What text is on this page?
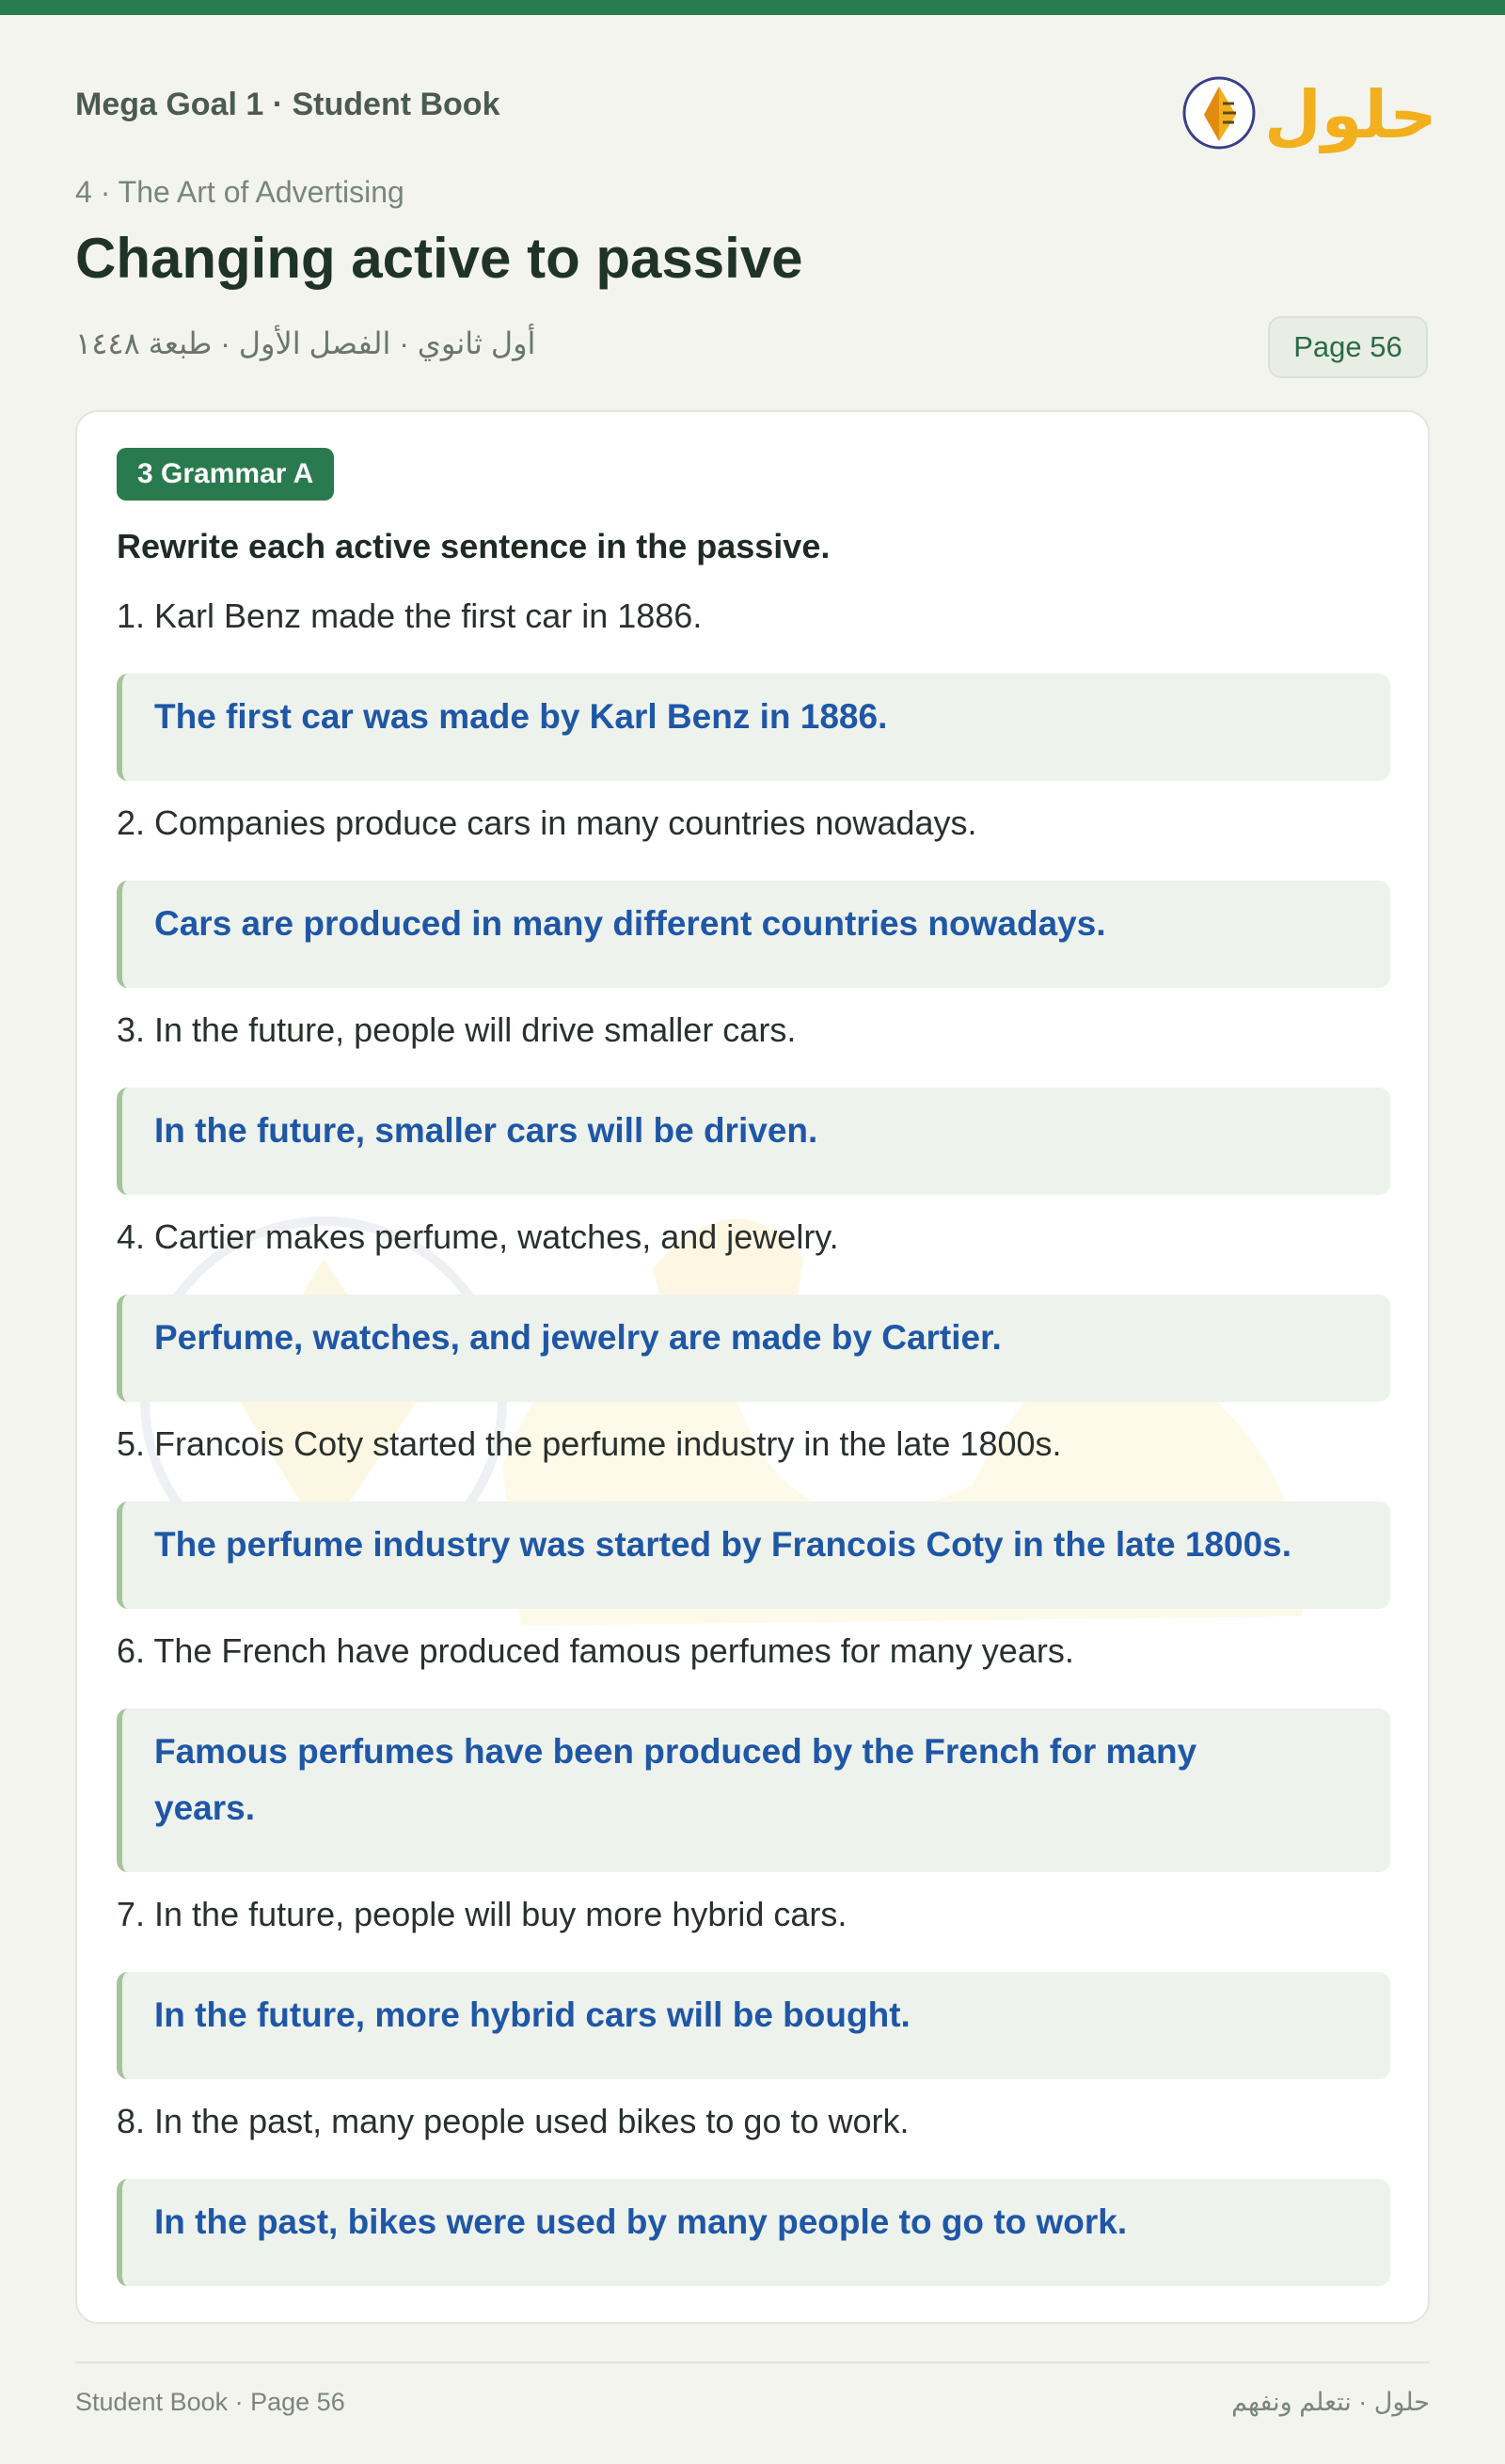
Mega Goal 1 · Student Book	حلول
4 · The Art of Advertising
Changing active to passive
أول ثانوي · الفصل الأول · طبعة ١٤٤٨	Page 56
3 Grammar A
Rewrite each active sentence in the passive.
1. Karl Benz made the first car in 1886.
The first car was made by Karl Benz in 1886.
2. Companies produce cars in many countries nowadays.
Cars are produced in many different countries nowadays.
3. In the future, people will drive smaller cars.
In the future, smaller cars will be driven.
4. Cartier makes perfume, watches, and jewelry.
Perfume, watches, and jewelry are made by Cartier.
5. Francois Coty started the perfume industry in the late 1800s.
The perfume industry was started by Francois Coty in the late 1800s.
6. The French have produced famous perfumes for many years.
Famous perfumes have been produced by the French for many years.
7. In the future, people will buy more hybrid cars.
In the future, more hybrid cars will be bought.
8. In the past, many people used bikes to go to work.
In the past, bikes were used by many people to go to work.
Student Book · Page 56	حلول · نتعلم ونفهم
